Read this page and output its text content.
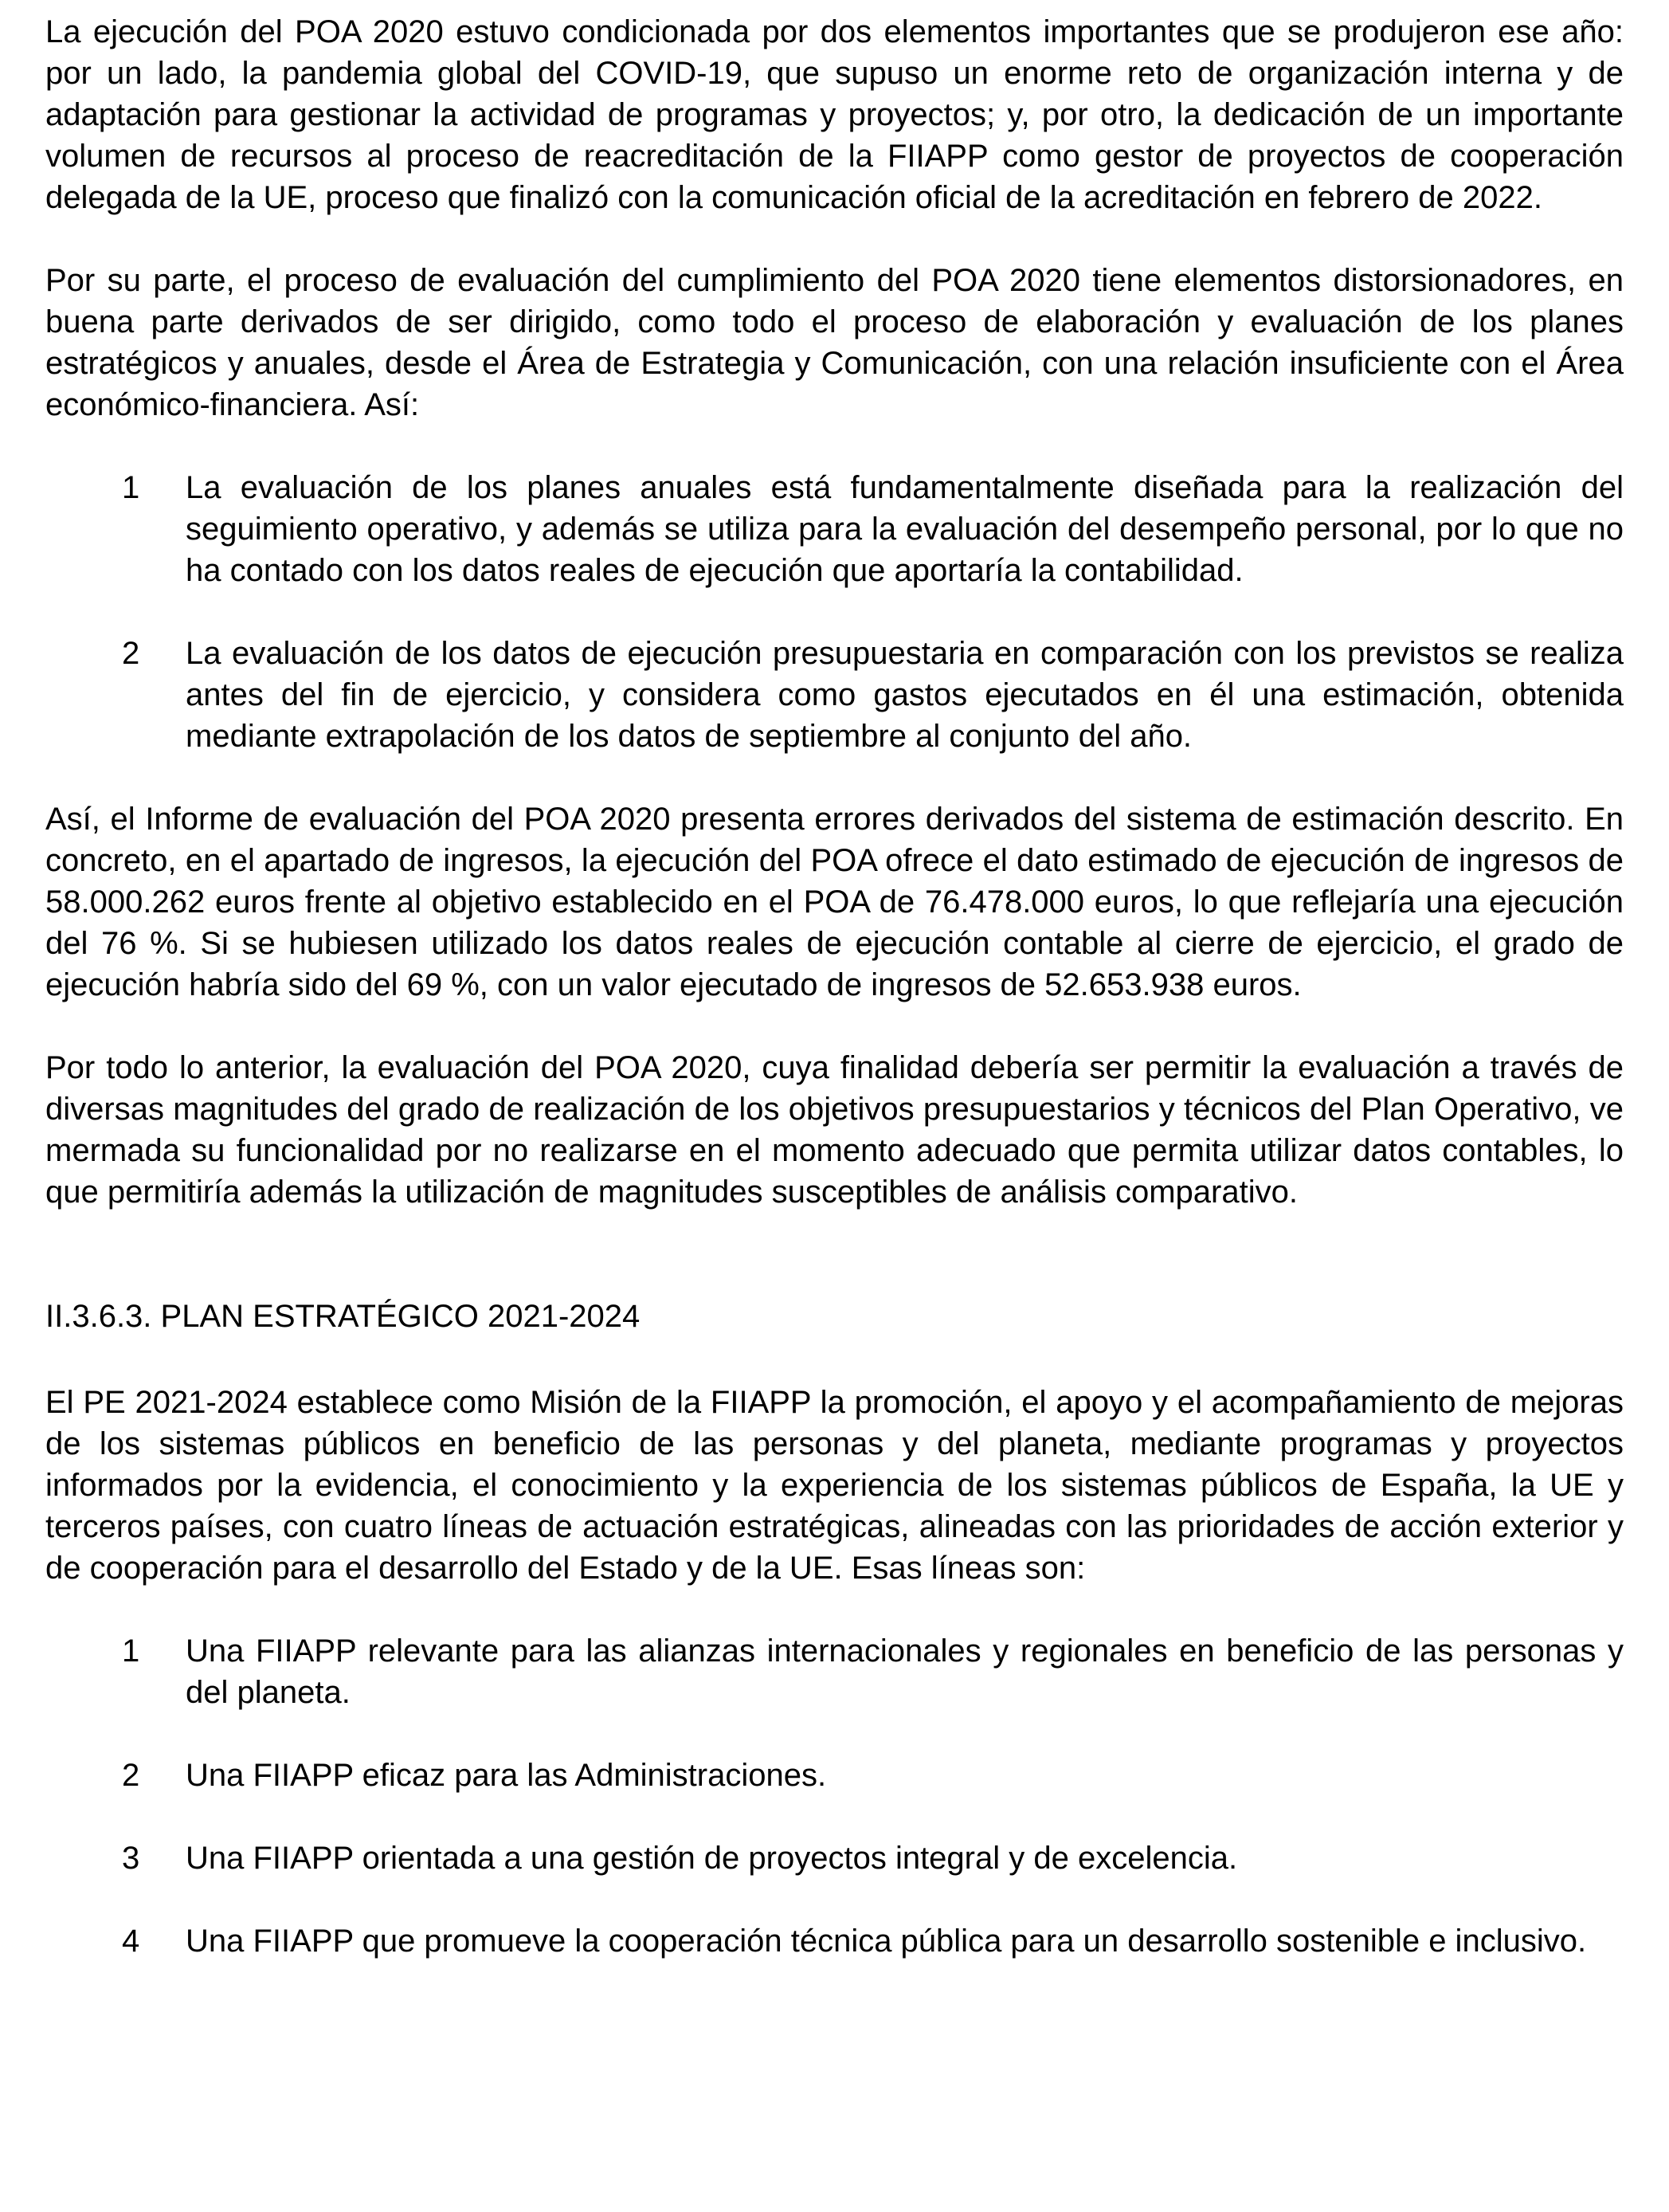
La ejecución del POA 2020 estuvo condicionada por dos elementos importantes que se produjeron ese año: por un lado, la pandemia global del COVID-19, que supuso un enorme reto de organización interna y de adaptación para gestionar la actividad de programas y proyectos; y, por otro, la dedicación de un importante volumen de recursos al proceso de reacreditación de la FIIAPP como gestor de proyectos de cooperación delegada de la UE, proceso que finalizó con la comunicación oficial de la acreditación en febrero de 2022.

Por su parte, el proceso de evaluación del cumplimiento del POA 2020 tiene elementos distorsionadores, en buena parte derivados de ser dirigido, como todo el proceso de elaboración y evaluación de los planes estratégicos y anuales, desde el Área de Estrategia y Comunicación, con una relación insuficiente con el Área económico-financiera. Así:

1	La evaluación de los planes anuales está fundamentalmente diseñada para la realización del seguimiento operativo, y además se utiliza para la evaluación del desempeño personal, por lo que no ha contado con los datos reales de ejecución que aportaría la contabilidad.
2	La evaluación de los datos de ejecución presupuestaria en comparación con los previstos se realiza antes del fin de ejercicio, y considera como gastos ejecutados en él una estimación, obtenida mediante extrapolación de los datos de septiembre al conjunto del año.

Así, el Informe de evaluación del POA 2020 presenta errores derivados del sistema de estimación descrito. En concreto, en el apartado de ingresos, la ejecución del POA ofrece el dato estimado de ejecución de ingresos de 58.000.262 euros frente al objetivo establecido en el POA de 76.478.000 euros, lo que reflejaría una ejecución del 76 %. Si se hubiesen utilizado los datos reales de ejecución contable al cierre de ejercicio, el grado de ejecución habría sido del 69 %, con un valor ejecutado de ingresos de 52.653.938 euros.

Por todo lo anterior, la evaluación del POA 2020, cuya finalidad debería ser permitir la evaluación a través de diversas magnitudes del grado de realización de los objetivos presupuestarios y técnicos del Plan Operativo, ve mermada su funcionalidad por no realizarse en el momento adecuado que permita utilizar datos contables, lo que permitiría además la utilización de magnitudes susceptibles de análisis comparativo.

II.3.6.3. PLAN ESTRATÉGICO 2021-2024

El PE 2021-2024 establece como Misión de la FIIAPP la promoción, el apoyo y el acompañamiento de mejoras de los sistemas públicos en beneficio de las personas y del planeta, mediante programas y proyectos informados por la evidencia, el conocimiento y la experiencia de los sistemas públicos de España, la UE y terceros países, con cuatro líneas de actuación estratégicas, alineadas con las prioridades de acción exterior y de cooperación para el desarrollo del Estado y de la UE. Esas líneas son:

1	Una FIIAPP relevante para las alianzas internacionales y regionales en beneficio de las personas y del planeta.
2	Una FIIAPP eficaz para las Administraciones.
3	Una FIIAPP orientada a una gestión de proyectos integral y de excelencia.
4	Una FIIAPP que promueve la cooperación técnica pública para un desarrollo sostenible e inclusivo.
